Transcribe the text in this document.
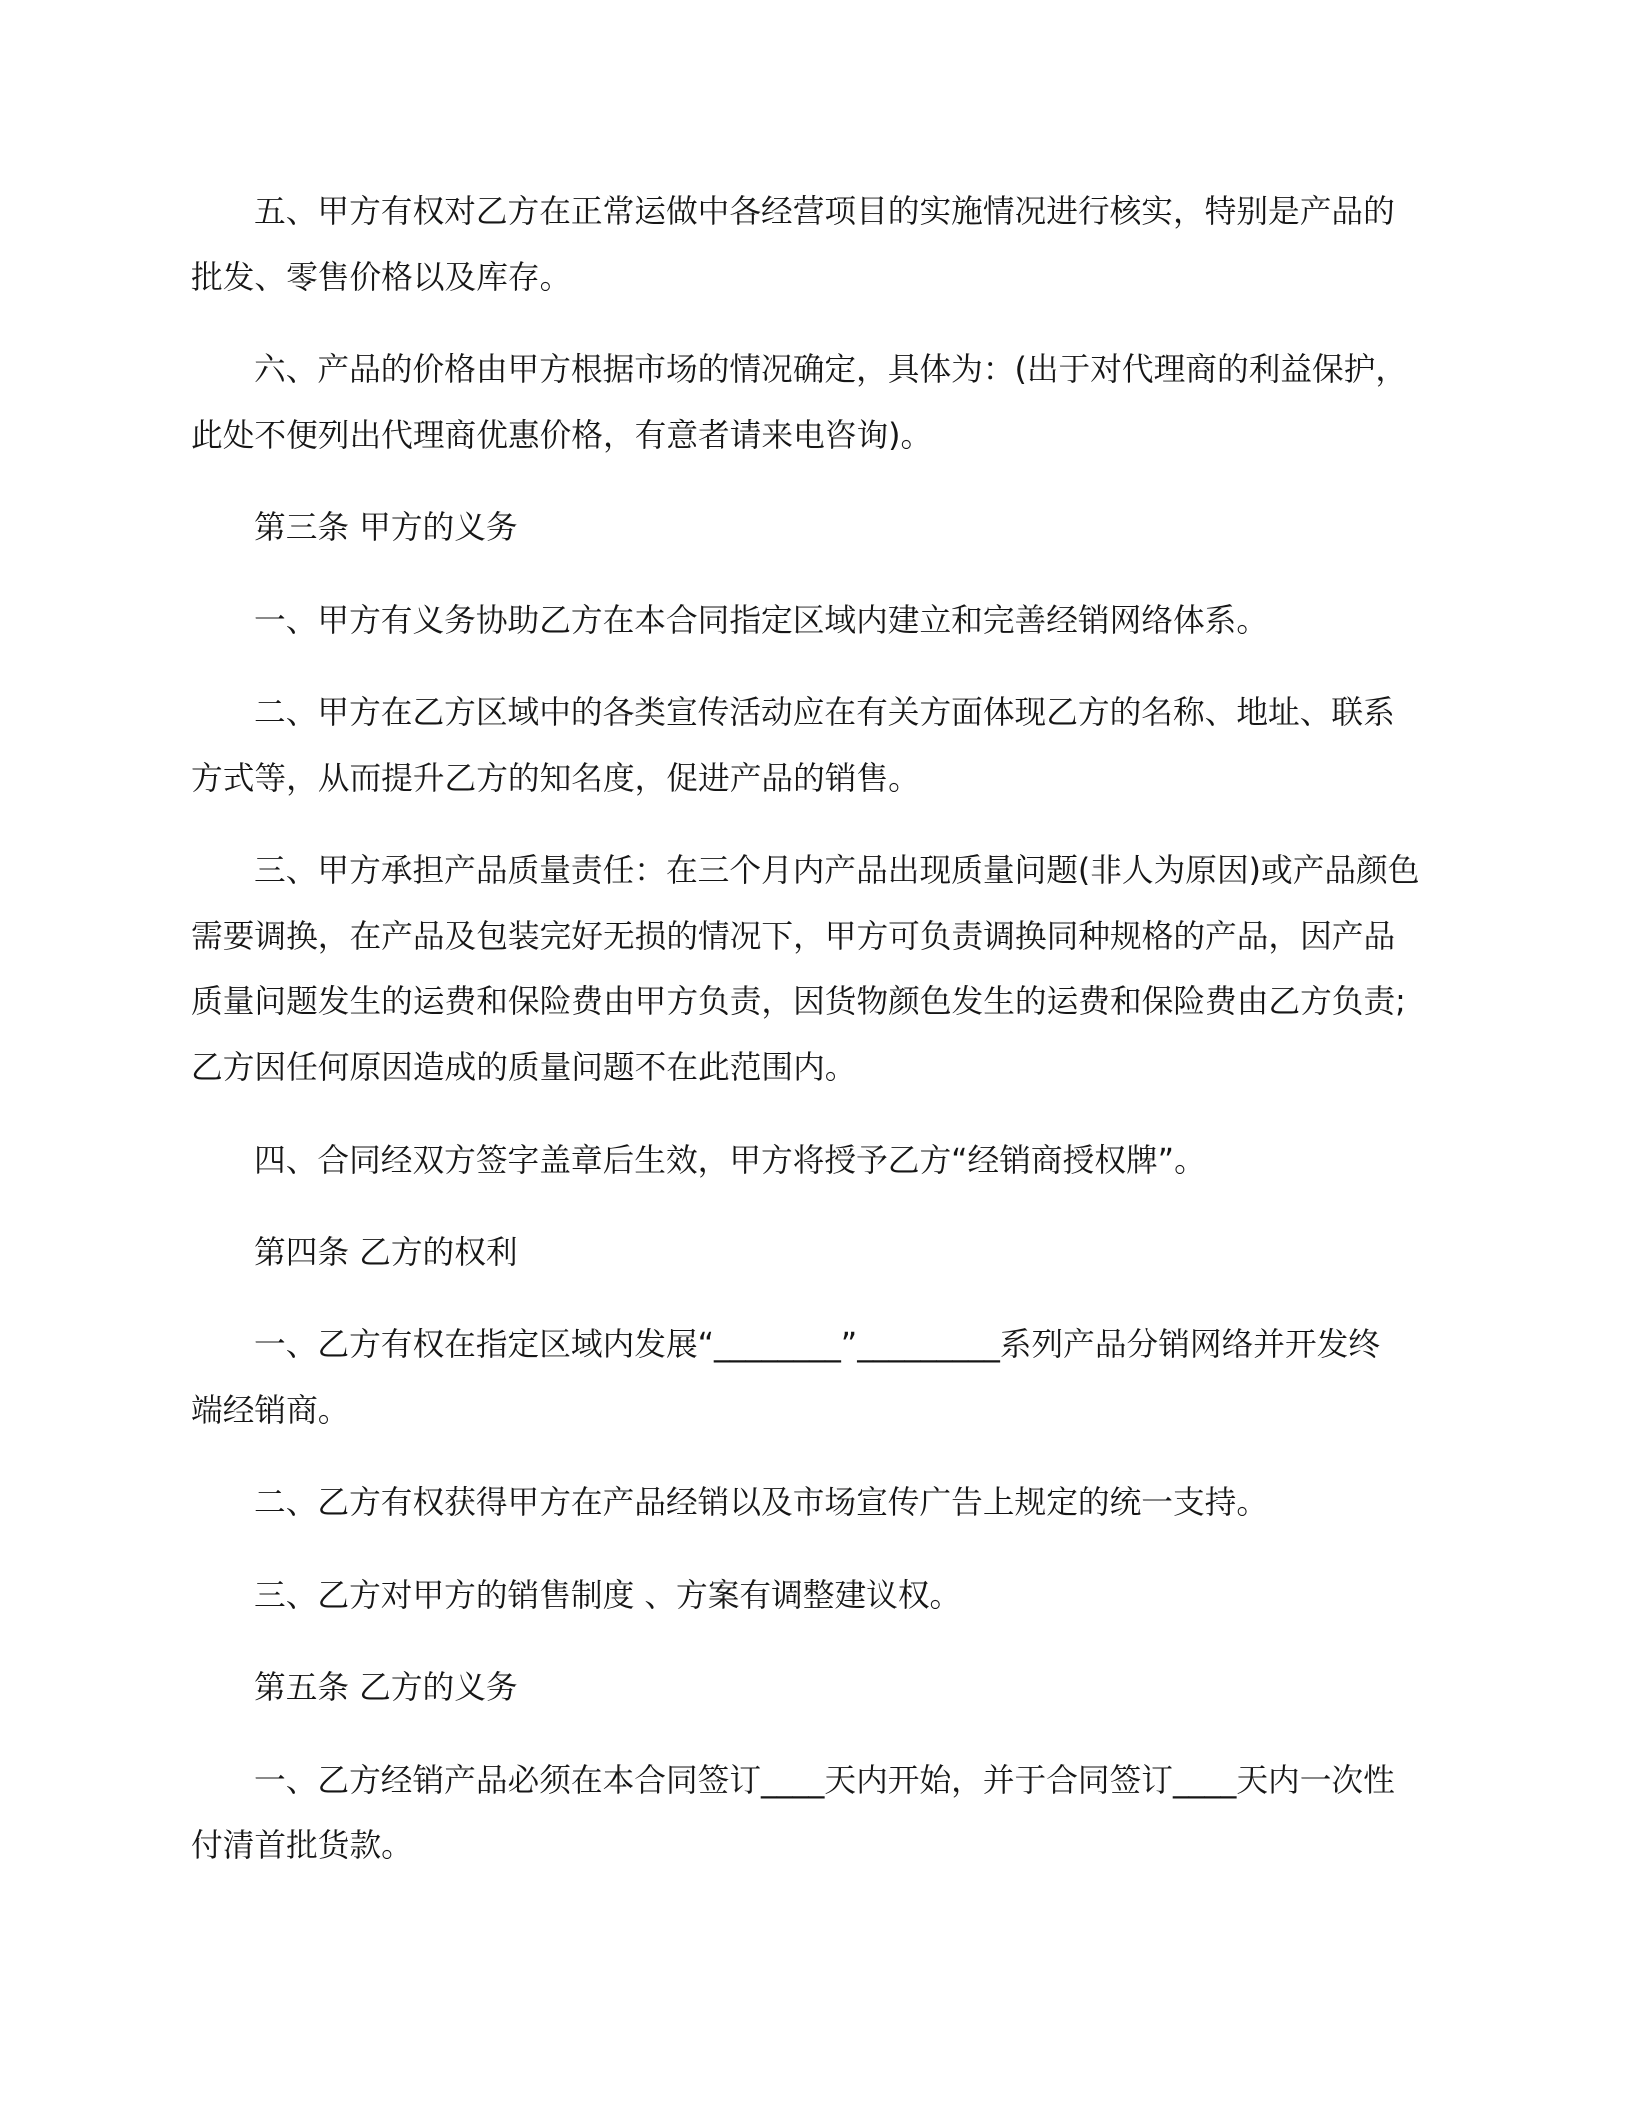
五、甲方有权对乙方在正常运做中各经营项目的实施情况进行核实，特别是产品的
批发、零售价格以及库存。
六、产品的价格由甲方根据市场的情况确定，具体为：(出于对代理商的利益保护，
此处不便列出代理商优惠价格，有意者请来电咨询)。
第三条 甲方的义务
一、甲方有义务协助乙方在本合同指定区域内建立和完善经销网络体系。
二、甲方在乙方区域中的各类宣传活动应在有关方面体现乙方的名称、地址、联系
方式等，从而提升乙方的知名度，促进产品的销售。
三、甲方承担产品质量责任：在三个月内产品出现质量问题(非人为原因)或产品颜色
需要调换，在产品及包装完好无损的情况下，甲方可负责调换同种规格的产品，因产品
质量问题发生的运费和保险费由甲方负责，因货物颜色发生的运费和保险费由乙方负责;
乙方因任何原因造成的质量问题不在此范围内。
四、合同经双方签字盖章后生效，甲方将授予乙方“经销商授权牌”。
第四条 乙方的权利
一、乙方有权在指定区域内发展“________”_________系列产品分销网络并开发终
端经销商。
二、乙方有权获得甲方在产品经销以及市场宣传广告上规定的统一支持。
三、乙方对甲方的销售制度 、方案有调整建议权。
第五条 乙方的义务
一、乙方经销产品必须在本合同签订____天内开始，并于合同签订____天内一次性
付清首批货款。
